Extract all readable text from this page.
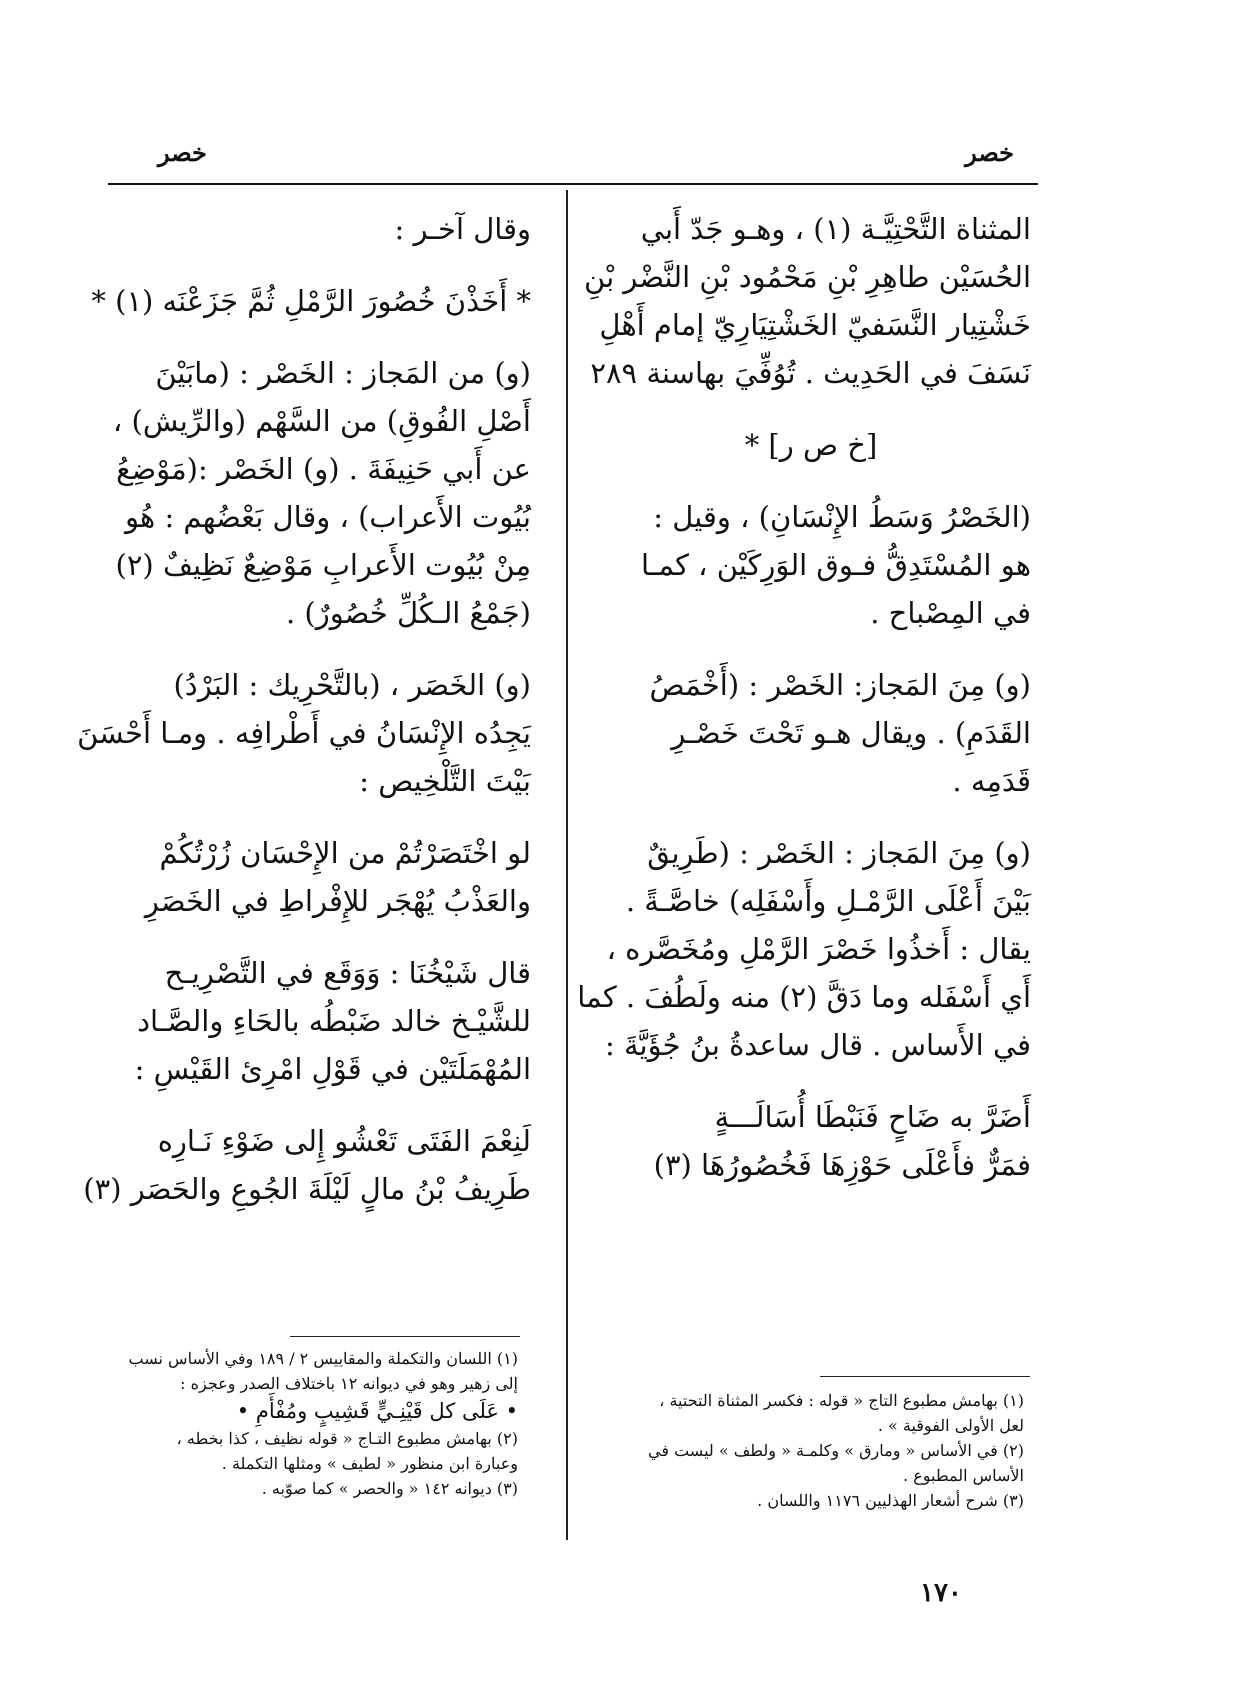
خصر
خصر
المثناة التَّحْتِيَّـة (١) ، وهـو جَدّ أَبي
الحُسَيْن طاهِرِ بْنِ مَحْمُود بْنِ النَّضْر بْنِ
خَشْتِيار النَّسَفيّ الخَشْتِيَارِيّ إمام أَهْلِ
نَسَفَ في الحَدِيث . تُوُفِّيَ بهاسنة ٢٨٩
[خ ص ر] *
(الخَصْرُ وَسَطُ الإِنْسَانِ) ، وقيل :
هو المُسْتَدِقُّ فـوق الوَرِكَيْن ، كمـا
في المِصْباح .
(و) مِنَ المَجاز: الخَصْر : (أَخْمَصُ
القَدَمِ) . ويقال هـو تَحْتَ خَصْـرِ
قَدَمِه .
(و) مِنَ المَجاز : الخَصْر : (طَرِيقٌ
بَيْنَ أَعْلَى الرَّمْـلِ وأَسْفَلِه) خاصَّـةً .
يقال : أَخذُوا خَصْرَ الرَّمْلِ ومُخَصَّره ،
أَي أَسْفَله وما دَقَّ (٢) منه ولَطُفَ . كما
في الأَساس . قال ساعدةُ بنُ جُؤَيَّةَ :
أَضَرَّ به ضَاحٍ فَنَبْطَا أُسَالَـــةٍ
فمَرٌّ فأَعْلَى حَوْزِهَا فَخُصُورُهَا (٣)
وقال آخـر :
* أَخَذْنَ خُصُورَ الرَّمْلِ ثُمَّ جَزَعْنَه (١) *
(و) من المَجاز : الخَصْر : (مابَيْنَ
أَصْلِ الفُوقِ) من السَّهْم (والرِّيش) ،
عن أَبي حَنِيفَةَ . (و) الخَصْر :(مَوْضِعُ
بُيُوت الأَعراب) ، وقال بَعْضُهم : هُو
مِنْ بُيُوت الأَعرابِ مَوْضِعٌ نَظِيفٌ (٢)
(جَمْعُ الـكُلِّ خُصُورٌ) .
(و) الخَصَر ، (بالتَّحْرِيك : البَرْدُ)
يَجِدُه الإِنْسَانُ في أَطْرافِه . ومـا أَحْسَنَ
بَيْتَ التَّلْخِيص :
لو اخْتَصَرْتُمْ من الإِحْسَان زُرْتُكُمْ
والعَذْبُ يُهْجَر للإِفْراطِ في الخَصَرِ
قال شَيْخُنَا : وَوَقَع في التَّصْرِيـح
للشَّيْـخ خالد ضَبْطُه بالحَاءِ والصَّـاد
المُهْمَلَتَيْن في قَوْلِ امْرِئ القَيْسِ :
لَنِعْمَ الفَتَى تَعْشُو إِلى ضَوْءِ نَـارِه
طَرِيفُ بْنُ مالٍ لَيْلَةَ الجُوعِ والحَصَر (٣)
(١) بهامش مطبوع التاج « قوله : فكسر المثناة التحتية ،
لعل الأولى الفوقية » .
(٢) في الأساس « ومارق » وكلمـة « ولطف » ليست في
الأساس المطبوع .
(٣) شرح أشعار الهذليين ١١٧٦ واللسان .
(١) اللسان والتكملة والمقاييس ٢ / ١٨٩ وفي الأساس نسب
إلى زهير وهو في ديوانه ١٢ باختلاف الصدر وعجزه :
• عَلَى كل قَيْنِـيٍّ قَشِيبٍ ومُفْأَمِ •
(٢) بهامش مطبوع التـاج « قوله نظيف ، كذا بخطه ،
وعبارة ابن منظور « لطيف » ومثلها التكملة .
(٣) ديوانه ١٤٢ « والحصر » كما صوّبه .
١٧٠
